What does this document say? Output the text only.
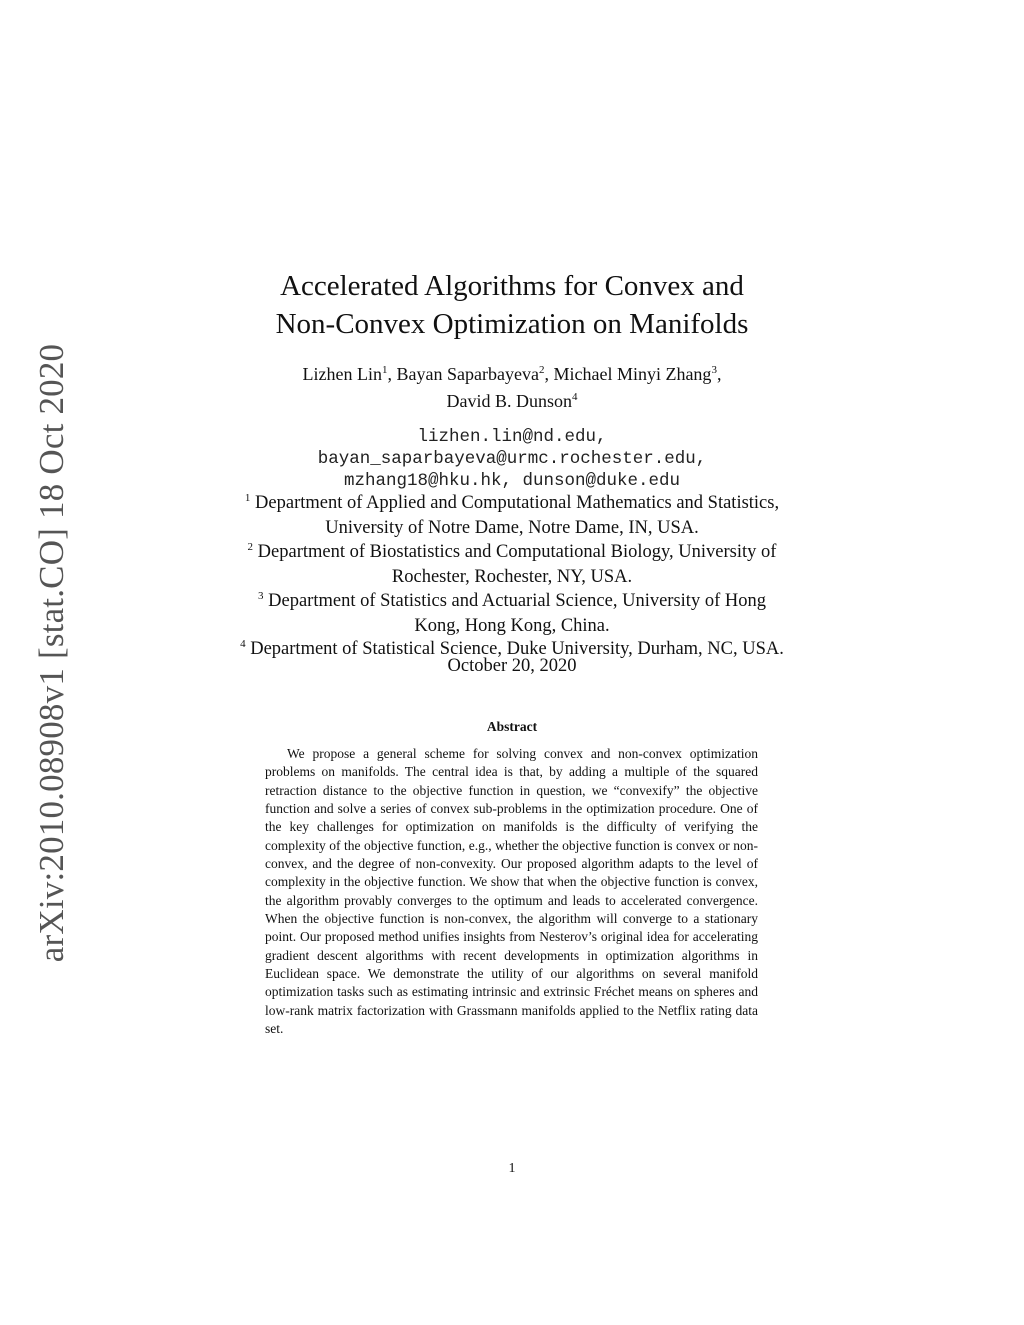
arXiv:2010.08908v1 [stat.CO] 18 Oct 2020
Accelerated Algorithms for Convex and
Non-Convex Optimization on Manifolds
Lizhen Lin$^1$, Bayan Saparbayeva$^2$, Michael Minyi Zhang$^3$,
David B. Dunson$^4$
lizhen.lin@nd.edu,
bayan_saparbayeva@urmc.rochester.edu,
mzhang18@hku.hk, dunson@duke.edu
$^1$ Department of Applied and Computational Mathematics and Statistics,
University of Notre Dame, Notre Dame, IN, USA.
$^2$ Department of Biostatistics and Computational Biology, University of
Rochester, Rochester, NY, USA.
$^3$ Department of Statistics and Actuarial Science, University of Hong
Kong, Hong Kong, China.
$^4$ Department of Statistical Science, Duke University, Durham, NC, USA.
October 20, 2020
Abstract

We propose a general scheme for solving convex and non-convex optimization problems on manifolds. The central idea is that, by adding a multiple of the squared retraction distance to the objective function in question, we “convexify” the objective function and solve a series of convex sub-problems in the optimization procedure. One of the key challenges for optimization on manifolds is the difficulty of verifying the complexity of the objective function, e.g., whether the objective function is convex or non-convex, and the degree of non-convexity. Our proposed algorithm adapts to the level of complexity in the objective function. We show that when the objective function is convex, the algorithm provably converges to the optimum and leads to accelerated convergence. When the objective function is non-convex, the algorithm will converge to a stationary point. Our proposed method unifies insights from Nesterov’s original idea for accelerating gradient descent algorithms with recent developments in optimization algorithms in Euclidean space. We demonstrate the utility of our algorithms on several manifold optimization tasks such as estimating intrinsic and extrinsic Fréchet means on spheres and low-rank matrix factorization with Grassmann manifolds applied to the Netflix rating data set.

1
